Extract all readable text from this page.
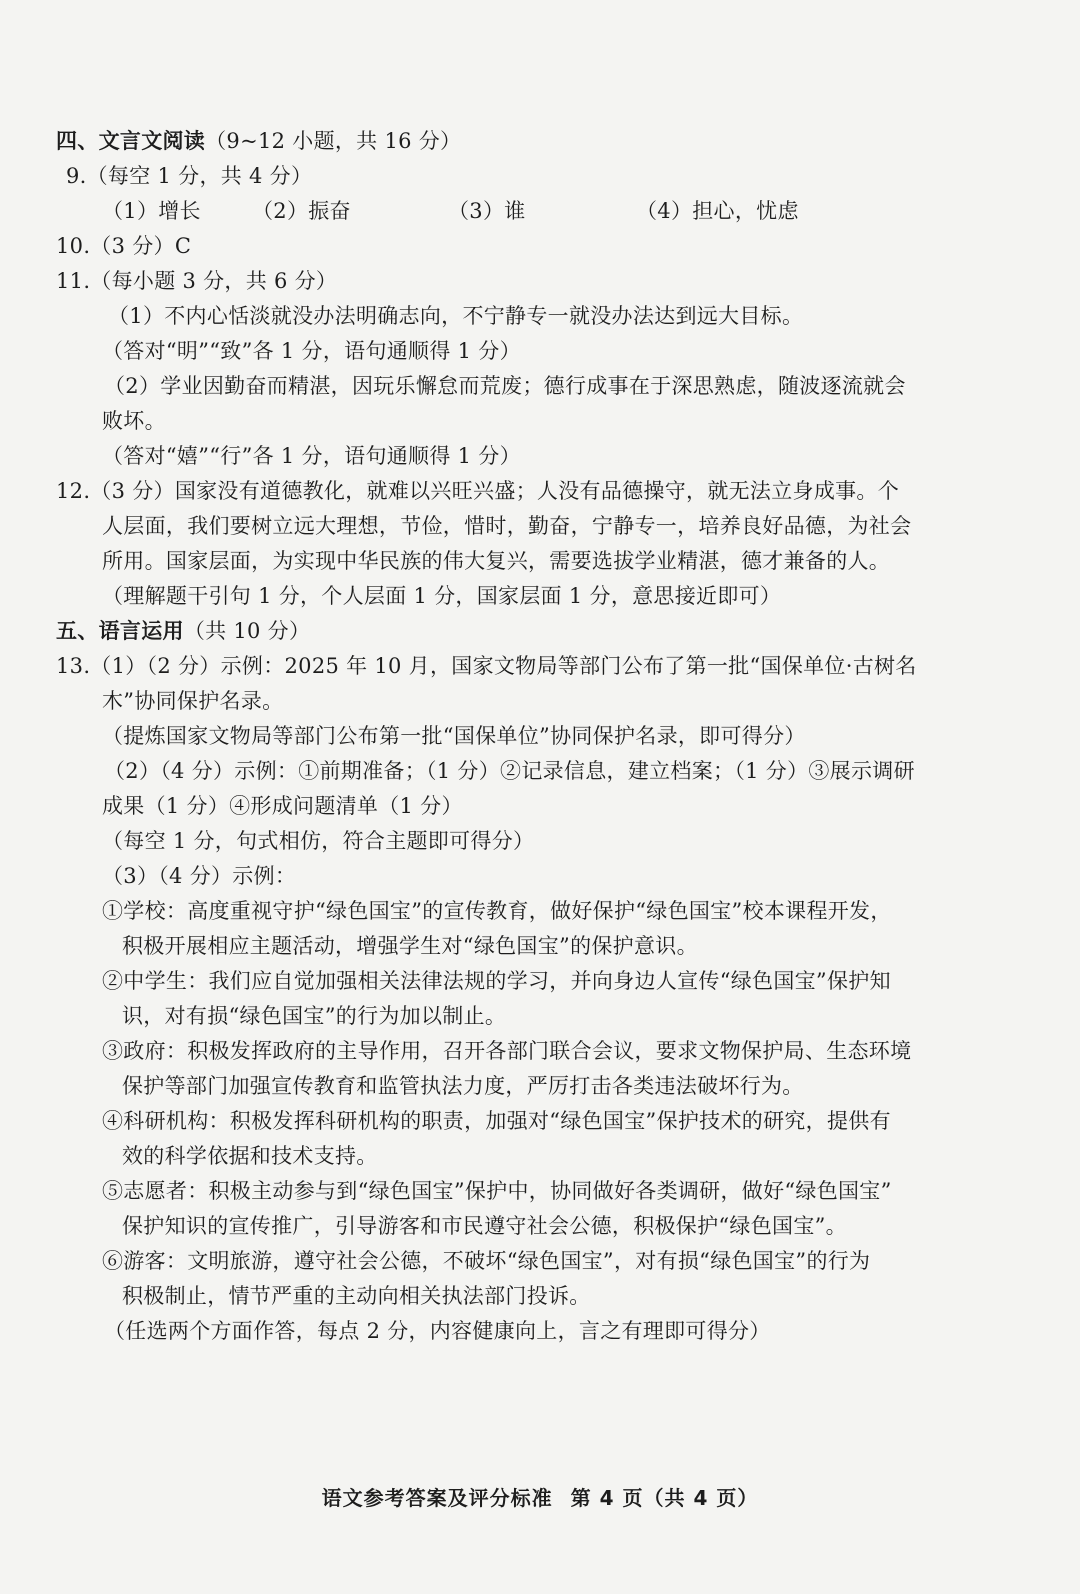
四、文言文阅读（9~12 小题，共 16 分）
9.（每空 1 分，共 4 分）
（1）增长	（2）振奋	（3）谁	（4）担心，忧虑
10.（3 分）C
11.（每小题 3 分，共 6 分）
（1）不内心恬淡就没办法明确志向，不宁静专一就没办法达到远大目标。
（答对“明”“致”各 1 分，语句通顺得 1 分）
（2）学业因勤奋而精湛，因玩乐懈怠而荒废；德行成事在于深思熟虑，随波逐流就会
败坏。
（答对“嬉”“行”各 1 分，语句通顺得 1 分）
12.（3 分）国家没有道德教化，就难以兴旺兴盛；人没有品德操守，就无法立身成事。个
人层面，我们要树立远大理想，节俭，惜时，勤奋，宁静专一，培养良好品德，为社会
所用。国家层面，为实现中华民族的伟大复兴，需要选拔学业精湛，德才兼备的人。
（理解题干引句 1 分，个人层面 1 分，国家层面 1 分，意思接近即可）
五、语言运用（共 10 分）
13.（1）（2 分）示例：2025 年 10 月，国家文物局等部门公布了第一批“国保单位·古树名
木”协同保护名录。
（提炼国家文物局等部门公布第一批“国保单位”协同保护名录，即可得分）
（2）（4 分）示例：①前期准备；（1 分）②记录信息，建立档案；（1 分）③展示调研
成果（1 分）④形成问题清单（1 分）
（每空 1 分，句式相仿，符合主题即可得分）
（3）（4 分）示例：
①学校：高度重视守护“绿色国宝”的宣传教育，做好保护“绿色国宝”校本课程开发，
积极开展相应主题活动，增强学生对“绿色国宝”的保护意识。
②中学生：我们应自觉加强相关法律法规的学习，并向身边人宣传“绿色国宝”保护知
识，对有损“绿色国宝”的行为加以制止。
③政府：积极发挥政府的主导作用，召开各部门联合会议，要求文物保护局、生态环境
保护等部门加强宣传教育和监管执法力度，严厉打击各类违法破坏行为。
④科研机构：积极发挥科研机构的职责，加强对“绿色国宝”保护技术的研究，提供有
效的科学依据和技术支持。
⑤志愿者：积极主动参与到“绿色国宝”保护中，协同做好各类调研，做好“绿色国宝”
保护知识的宣传推广，引导游客和市民遵守社会公德，积极保护“绿色国宝”。
⑥游客：文明旅游，遵守社会公德，不破坏“绿色国宝”，对有损“绿色国宝”的行为
积极制止，情节严重的主动向相关执法部门投诉。
（任选两个方面作答，每点 2 分，内容健康向上，言之有理即可得分）
语文参考答案及评分标准 第 4 页（共 4 页）
